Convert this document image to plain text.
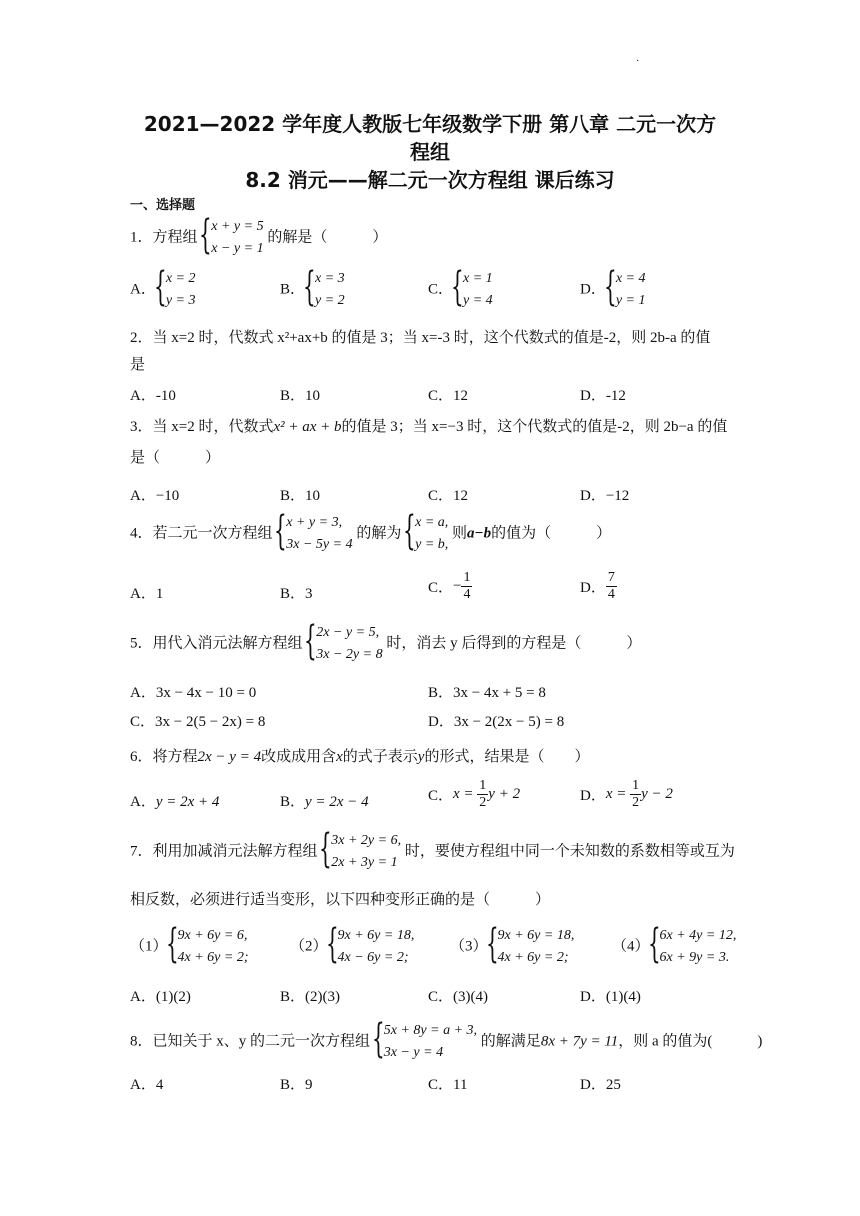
·
2021—2022 学年度人教版七年级数学下册 第八章 二元一次方
程组
8.2 消元——解二元一次方程组 课后练习
一、选择题
1．方程组
{ x + y = 5
x − y = 1
的解是（　　　）
A．
{ x = 2
y = 3
B．
{ x = 3
y = 2
C．
{ x = 1
y = 4
D．
{ x = 4
y = 1
2．当 x=2 时，代数式 x²+ax+b 的值是 3；当 x=-3 时，这个代数式的值是-2，则 2b-a 的值
是
A．-10	B．10	C．12	D．-12
3．当 x=2 时，代数式x² + ax + b的值是 3；当 x=−3 时，这个代数式的值是-2，则 2b−a 的值
是（　　　）
A．−10	B．10	C．12	D．−12
4．若二元一次方程组
{ x + y = 3,
3x − 5y = 4
的解为
{ x = a,
y = b,
则a−b的值为（　　　）
A．1	B．3	C．− $\frac{1}{4}$	D． $\frac{7}{4}$
5．用代入消元法解方程组
{ 2x − y = 5,
3x − 2y = 8
时，消去 y 后得到的方程是（　　　）
A．3x − 4x − 10 = 0	B．3x − 4x + 5 = 8
C．3x − 2(5 − 2x) = 8	D．3x − 2(2x − 5) = 8
6．将方程2x − y = 4改成成用含x的式子表示y的形式，结果是（　　）
A．y = 2x + 4	B．y = 2x − 4	C．$x = \frac{1}{2}$ y + 2	D．$x = \frac{1}{2}$ y − 2
7．利用加减消元法解方程组
{ 3x + 2y = 6,
2x + 3y = 1
时，要使方程组中同一个未知数的系数相等或互为
相反数，必须进行适当变形，以下四种变形正确的是（　　　）
（1）
{ 9x + 6y = 6,
4x + 6y = 2;
（2）
{ 9x + 6y = 18,
4x − 6y = 2;
（3）
{ 9x + 6y = 18,
4x + 6y = 2;
（4）
{ 6x + 4y = 12,
6x + 9y = 3.
A．(1)(2)	B．(2)(3)	C．(3)(4)	D．(1)(4)
8．已知关于 x、y 的二元一次方程组
{ 5x + 8y = a + 3,
3x − y = 4
的解满足8x + 7y = 11，则 a 的值为(　　　)
A．4	B．9	C．11	D．25
